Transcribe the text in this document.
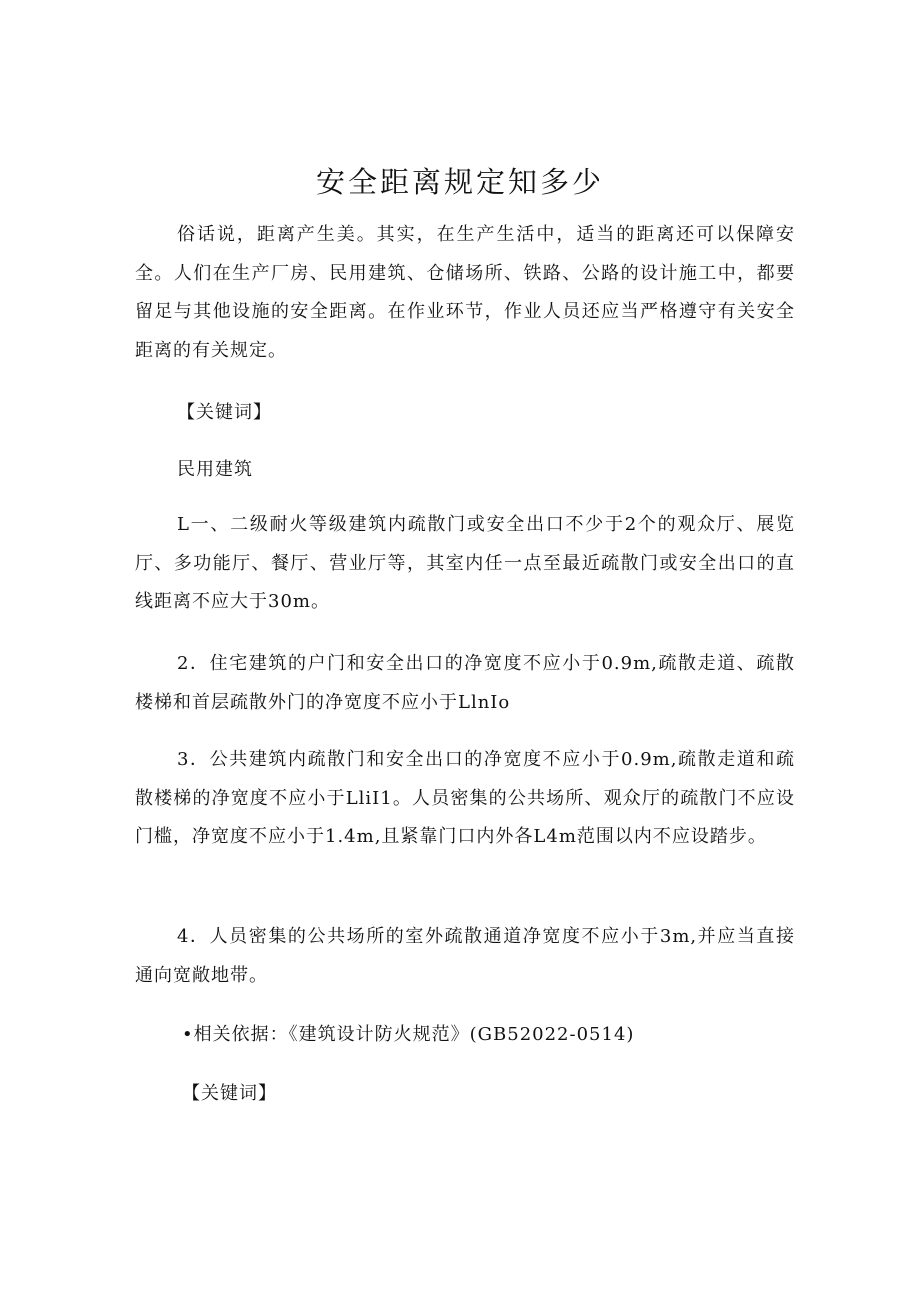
安全距离规定知多少

俗话说，距离产生美。其实，在生产生活中，适当的距离还可以保障安全。人们在生产厂房、民用建筑、仓储场所、铁路、公路的设计施工中，都要留足与其他设施的安全距离。在作业环节，作业人员还应当严格遵守有关安全距离的有关规定。

【关键词】
民用建筑

L一、二级耐火等级建筑内疏散门或安全出口不少于2个的观众厅、展览厅、多功能厅、餐厅、营业厅等，其室内任一点至最近疏散门或安全出口的直线距离不应大于30m。

2．住宅建筑的户门和安全出口的净宽度不应小于0.9m,疏散走道、疏散楼梯和首层疏散外门的净宽度不应小于LlnIo

3．公共建筑内疏散门和安全出口的净宽度不应小于0.9m,疏散走道和疏散楼梯的净宽度不应小于LliI1。人员密集的公共场所、观众厅的疏散门不应设门槛，净宽度不应小于1.4m,且紧靠门口内外各L4m范围以内不应设踏步。

4．人员密集的公共场所的室外疏散通道净宽度不应小于3m,并应当直接通向宽敞地带。

•相关依据：《建筑设计防火规范》(GB52022-0514)
【关键词】
